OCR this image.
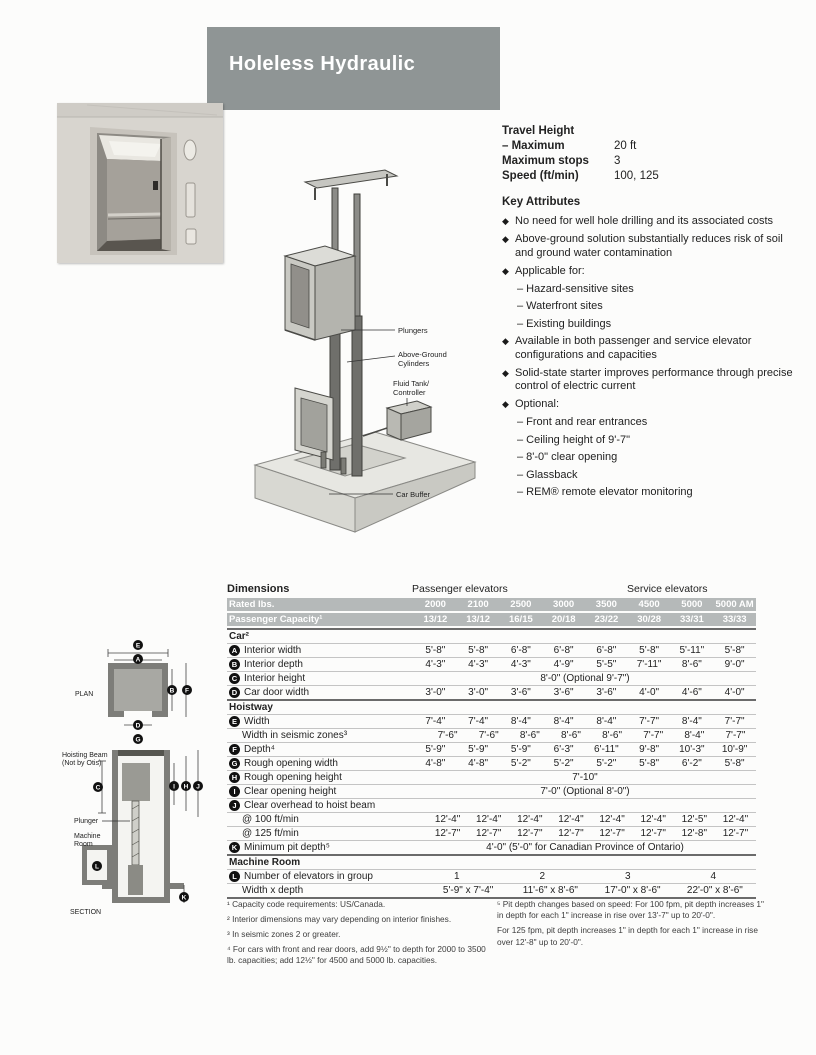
Holeless Hydraulic
Plungers
Above-Ground
Cylinders
Fluid Tank/
Controller
Car Buffer
Travel Height
– Maximum	20 ft
Maximum stops	3
Speed (ft/min)	100, 125
Key Attributes
◆ No need for well hole drilling and its associated costs
◆ Above-ground solution substantially reduces risk of soil and ground water contamination
◆ Applicable for:
– Hazard-sensitive sites
– Waterfront sites
– Existing buildings
◆ Available in both passenger and service elevator configurations and capacities
◆ Solid-state starter improves performance through precise control of electric current
◆ Optional:
– Front and rear entrances
– Ceiling height of 9'-7"
– 8'-0" clear opening
– Glassback
– REM® remote elevator monitoring
PLAN
E
A
B F
D
G
Hoisting Beam
(Not by Otis)
L
Plunger
Machine
Room
C	I H J
K
SECTION
Dimensions	Passenger elevators	Service elevators
Rated lbs.	2000	2100	2500	3000	3500	4500	5000	5000 AM
Passenger Capacity¹	13/12	13/12	16/15	20/18	23/22	30/28	33/31	33/33
Car²
A Interior width	5'-8"	5'-8"	6'-8"	6'-8"	6'-8"	5'-8"	5'-11"	5'-8"
B Interior depth	4'-3"	4'-3"	4'-3"	4'-9"	5'-5"	7'-11"	8'-6"	9'-0"
C Interior height	8'-0" (Optional 9'-7")
D Car door width	3'-0"	3'-0"	3'-6"	3'-6"	3'-6"	4'-0"	4'-6"	4'-0"
Hoistway
E Width	7'-4"	7'-4"	8'-4"	8'-4"	8'-4"	7'-7"	8'-4"	7'-7"
Width in seismic zones³	7'-6"	7'-6"	8'-6"	8'-6"	8'-6"	7'-7"	8'-4"	7'-7"
F Depth⁴	5'-9"	5'-9"	5'-9"	6'-3"	6'-11"	9'-8"	10'-3"	10'-9"
G Rough opening width	4'-8"	4'-8"	5'-2"	5'-2"	5'-2"	5'-8"	6'-2"	5'-8"
H Rough opening height	7'-10"
I Clear opening height	7'-0" (Optional 8'-0")
J Clear overhead to hoist beam
@ 100 ft/min	12'-4"	12'-4"	12'-4"	12'-4"	12'-4"	12'-4"	12'-5"	12'-4"
@ 125 ft/min	12'-7"	12'-7"	12'-7"	12'-7"	12'-7"	12'-7"	12'-8"	12'-7"
K Minimum pit depth⁵	4'-0" (5'-0" for Canadian Province of Ontario)
Machine Room
L Number of elevators in group	1	2	3	4
Width x depth	5'-9" x 7'-4"	11'-6" x 8'-6"	17'-0" x 8'-6"	22'-0" x 8'-6"
¹ Capacity code requirements: US/Canada.
² Interior dimensions may vary depending on interior finishes.
³ In seismic zones 2 or greater.
⁴ For cars with front and rear doors, add 9½" to depth for 2000 to 3500 lb. capacities; add 12½" for 4500 and 5000 lb. capacities.
⁵ Pit depth changes based on speed: For 100 fpm, pit depth increases 1" in depth for each 1" increase in rise over 13'-7" up to 20'-0".
For 125 fpm, pit depth increases 1" in depth for each 1" increase in rise over 12'-8" up to 20'-0".
